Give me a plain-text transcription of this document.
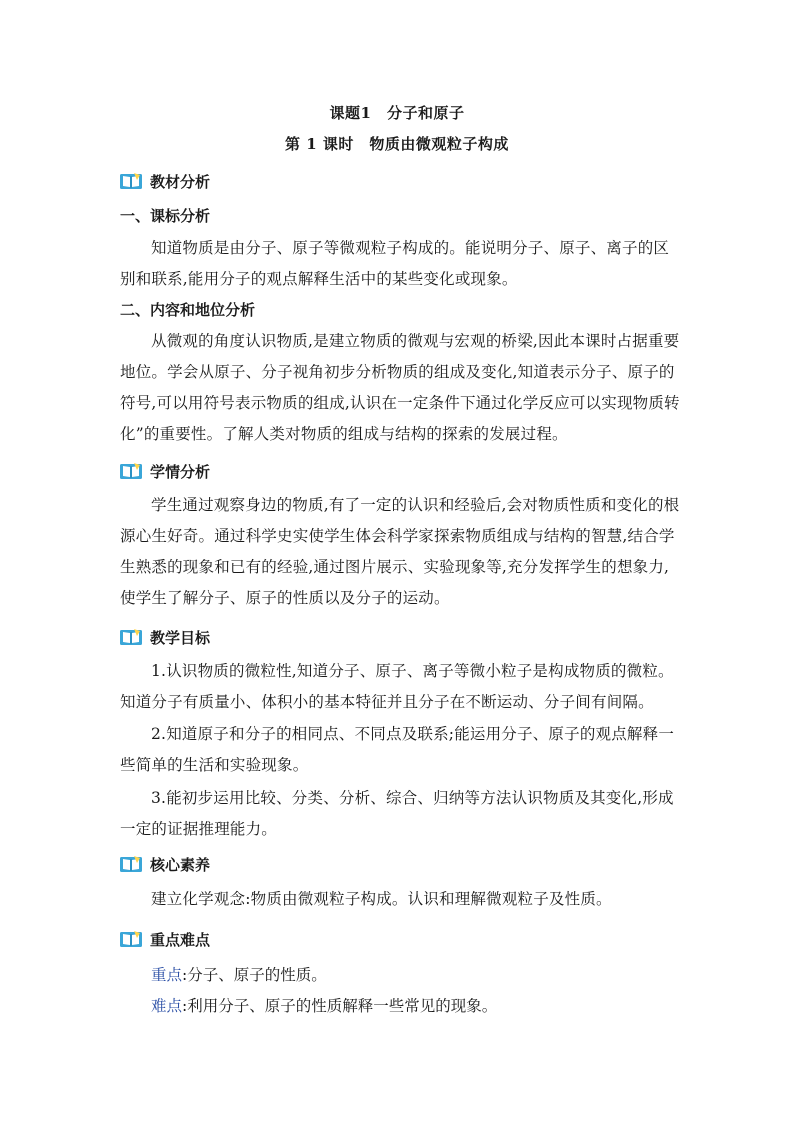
课题1　分子和原子
第 1 课时　物质由微观粒子构成
教材分析
一、课标分析

知道物质是由分子、原子等微观粒子构成的。能说明分子、原子、离子的区别和联系,能用分子的观点解释生活中的某些变化或现象。

二、内容和地位分析

从微观的角度认识物质,是建立物质的微观与宏观的桥梁,因此本课时占据重要地位。学会从原子、分子视角初步分析物质的组成及变化,知道表示分子、原子的符号,可以用符号表示物质的组成,认识在一定条件下通过化学反应可以实现物质转化”的重要性。了解人类对物质的组成与结构的探索的发展过程。

学情分析

学生通过观察身边的物质,有了一定的认识和经验后,会对物质性质和变化的根源心生好奇。通过科学史实使学生体会科学家探索物质组成与结构的智慧,结合学生熟悉的现象和已有的经验,通过图片展示、实验现象等,充分发挥学生的想象力,使学生了解分子、原子的性质以及分子的运动。

教学目标

1.认识物质的微粒性,知道分子、原子、离子等微小粒子是构成物质的微粒。知道分子有质量小、体积小的基本特征并且分子在不断运动、分子间有间隔。

2.知道原子和分子的相同点、不同点及联系;能运用分子、原子的观点解释一些简单的生活和实验现象。

3.能初步运用比较、分类、分析、综合、归纳等方法认识物质及其变化,形成一定的证据推理能力。

核心素养

建立化学观念:物质由微观粒子构成。认识和理解微观粒子及性质。

重点难点
重点:分子、原子的性质。
难点:利用分子、原子的性质解释一些常见的现象。
